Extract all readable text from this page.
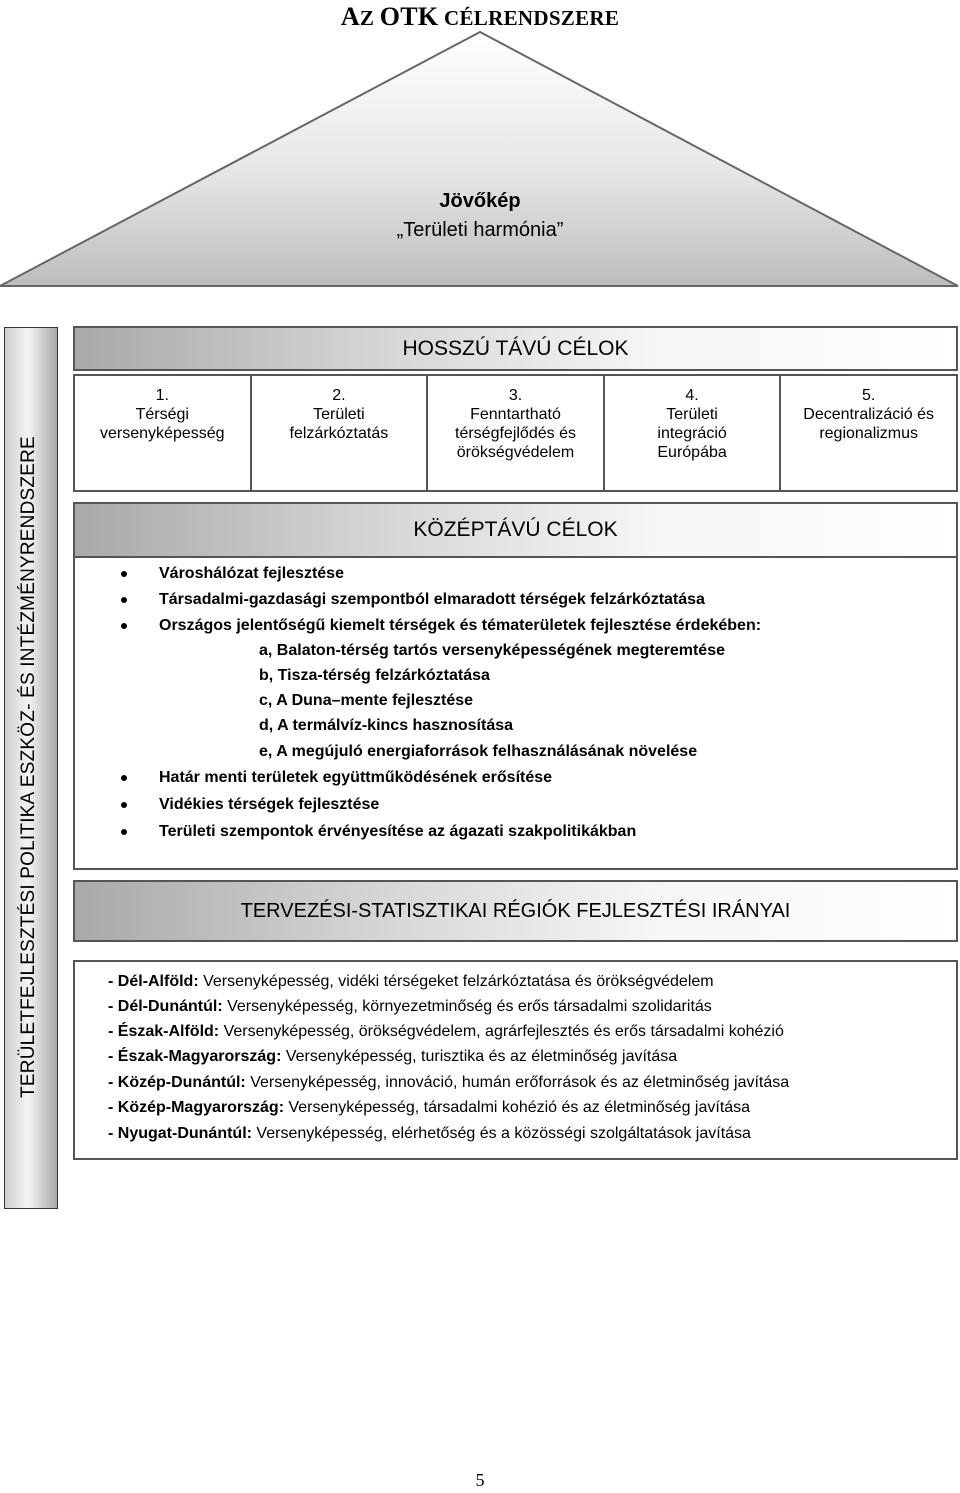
AZ OTK CÉLRENDSZERE
Jövőkép
„Területi harmónia”
TERÜLETFEJLESZTÉSI POLITIKA ESZKÖZ- ÉS INTÉZMÉNYRENDSZERE
HOSSZÚ TÁVÚ CÉLOK
1.
Térségi
versenyképesség
2.
Területi
felzárkóztatás
3.
Fenntartható
térségfejlődés és
örökségvédelem
4.
Területi
integráció
Európába
5.
Decentralizáció és
regionalizmus
KÖZÉPTÁVÚ CÉLOK
Városhálózat fejlesztése
Társadalmi-gazdasági szempontból elmaradott térségek felzárkóztatása
Országos jelentőségű kiemelt térségek és tématerületek fejlesztése érdekében:
a, Balaton-térség tartós versenyképességének megteremtése
b, Tisza-térség felzárkóztatása
c, A Duna–mente fejlesztése
d, A termálvíz-kincs hasznosítása
e, A megújuló energiaforrások felhasználásának növelése
Határ menti területek együttműködésének erősítése
Vidékies térségek fejlesztése
Területi szempontok érvényesítése az ágazati szakpolitikákban
TERVEZÉSI-STATISZTIKAI RÉGIÓK FEJLESZTÉSI IRÁNYAI
- Dél-Alföld: Versenyképesség, vidéki térségeket felzárkóztatása és örökségvédelem
- Dél-Dunántúl: Versenyképesség, környezetminőség és erős társadalmi szolidaritás
- Észak-Alföld: Versenyképesség, örökségvédelem, agrárfejlesztés és erős társadalmi kohézió
- Észak-Magyarország: Versenyképesség, turisztika és az életminőség javítása
- Közép-Dunántúl: Versenyképesség, innováció, humán erőforrások és az életminőség javítása
- Közép-Magyarország: Versenyképesség, társadalmi kohézió és az életminőség javítása
- Nyugat-Dunántúl: Versenyképesség, elérhetőség és a közösségi szolgáltatások javítása
5
